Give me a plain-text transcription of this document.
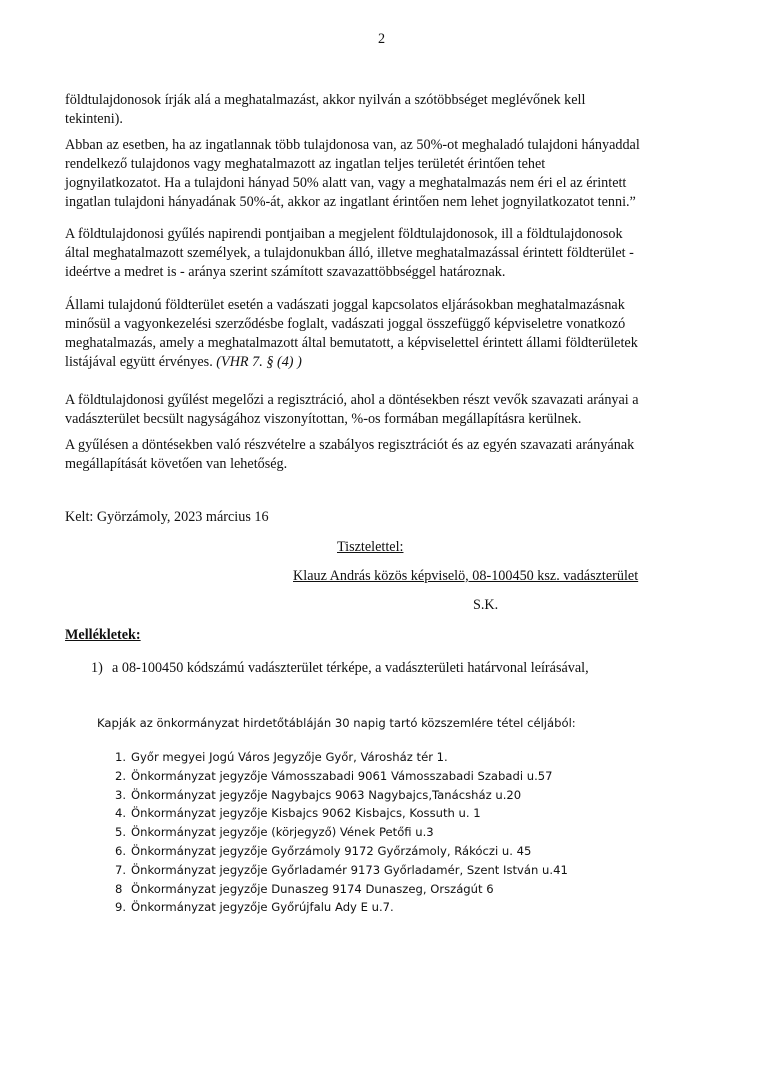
2

földtulajdonosok írják alá a meghatalmazást, akkor nyilván a szótöbbséget meglévőnek kell
tekinteni).

Abban az esetben, ha az ingatlannak több tulajdonosa van, az 50%-ot meghaladó tulajdoni hányaddal
rendelkező tulajdonos vagy meghatalmazott az ingatlan teljes területét érintően tehet
jognyilatkozatot. Ha a tulajdoni hányad 50% alatt van, vagy a meghatalmazás nem éri el az érintett
ingatlan tulajdoni hányadának 50%-át, akkor az ingatlant érintően nem lehet jognyilatkozatot tenni.”

A földtulajdonosi gyűlés napirendi pontjaiban a megjelent földtulajdonosok, ill a földtulajdonosok
által meghatalmazott személyek, a tulajdonukban álló, illetve meghatalmazással érintett földterület -
ideértve a medret is - aránya szerint számított szavazattöbbséggel határoznak.

Állami tulajdonú földterület esetén a vadászati joggal kapcsolatos eljárásokban meghatalmazásnak
minősül a vagyonkezelési szerződésbe foglalt, vadászati joggal összefüggő képviseletre vonatkozó
meghatalmazás, amely a meghatalmazott által bemutatott, a képviselettel érintett állami földterületek
listájával együtt érvényes. (VHR 7. § (4) )

A földtulajdonosi gyűlést megelőzi a regisztráció, ahol a döntésekben részt vevők szavazati arányai a
vadászterület becsült nagyságához viszonyítottan, %-os formában megállapításra kerülnek.

A gyűlésen a döntésekben való részvételre a szabályos regisztrációt és az egyén szavazati arányának
megállapítását követően van lehetőség.

Kelt: Györzámoly, 2023 március 16
Tisztelettel:
Klauz András közös képviselö, 08-100450 ksz. vadászterület
S.K.
Mellékletek:
1) a 08-100450 kódszámú vadászterület térképe, a vadászterületi határvonal leírásával,
Kapják az önkormányzat hirdetőtábláján 30 napig tartó közszemlére tétel céljából:
1. Győr megyei Jogú Város Jegyzője Győr, Városház tér 1.
2. Önkormányzat jegyzője Vámosszabadi 9061 Vámosszabadi Szabadi u.57
3. Önkormányzat jegyzője Nagybajcs 9063 Nagybajcs,Tanácsház u.20
4. Önkormányzat jegyzője Kisbajcs 9062 Kisbajcs, Kossuth u. 1
5. Önkormányzat jegyzője (körjegyző) Vének Petőfi u.3
6. Önkormányzat jegyzője Győrzámoly 9172 Győrzámoly, Rákóczi u. 45
7. Önkormányzat jegyzője Győrladamér 9173 Győrladamér, Szent István u.41
8 Önkormányzat jegyzője Dunaszeg 9174 Dunaszeg, Országút 6
9. Önkormányzat jegyzője Győrújfalu Ady E u.7.
